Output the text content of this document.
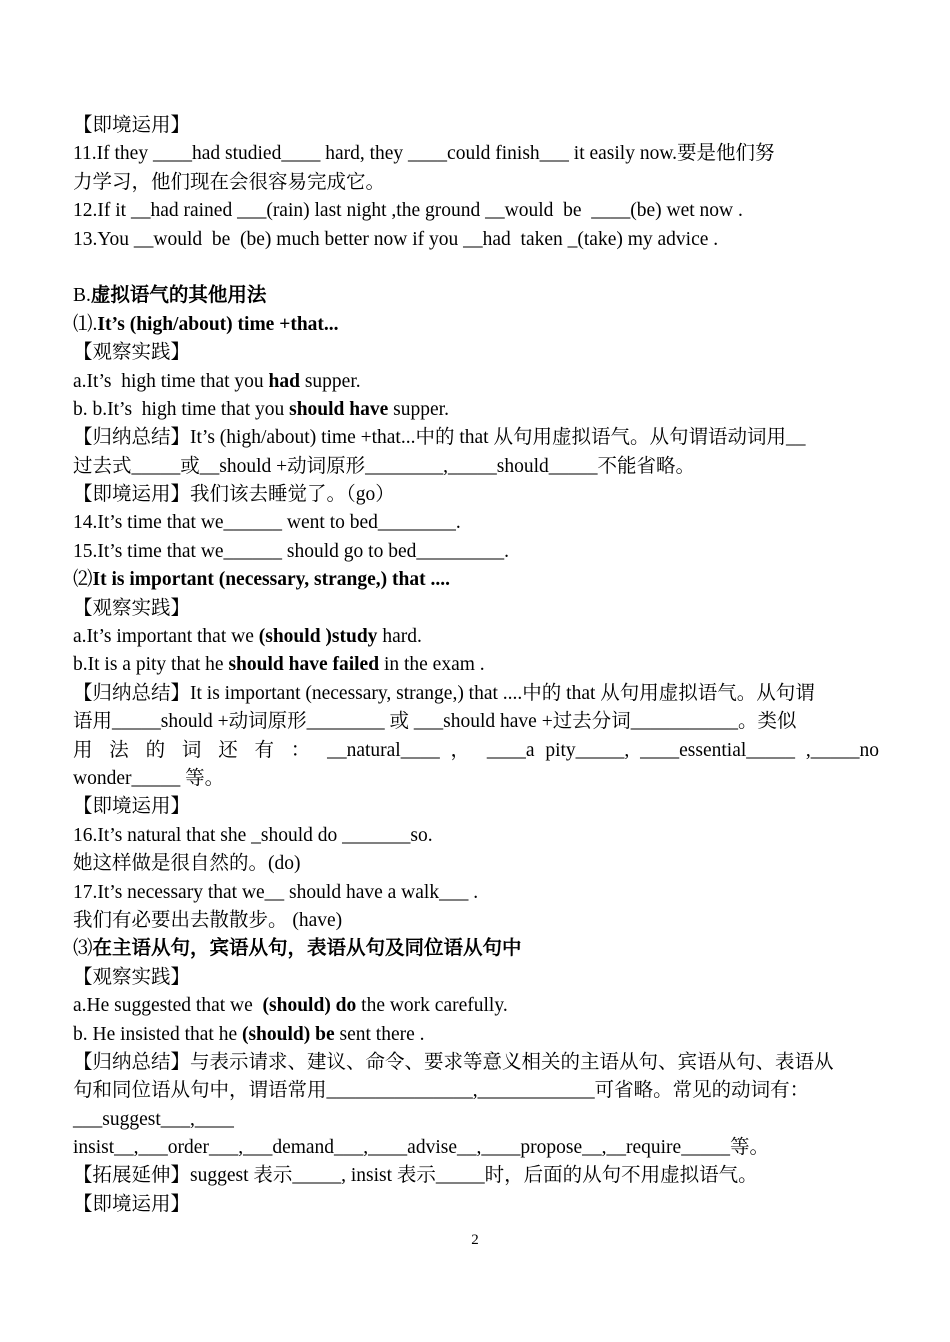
【即境运用】
11.If they ____had studied____ hard, they ____could finish___ it easily now.要是他们努
力学习，他们现在会很容易完成它。
12.If it __had rained ___(rain) last night ,the ground __would  be  ____(be) wet now .
13.You __would  be  (be) much better now if you __had  taken _(take) my advice .
B.虚拟语气的其他用法
⑴.It’s (high/about) time +that...
【观察实践】
a.It’s  high time that you had supper.
b. b.It’s  high time that you should have supper.
【归纳总结】It’s (high/about) time +that...中的 that 从句用虚拟语气。从句谓语动词用__
过去式_____或__should +动词原形________,_____should_____不能省略。
【即境运用】我们该去睡觉了。（go）
14.It’s time that we______ went to bed________.
15.It’s time that we______ should go to bed_________.
⑵It is important (necessary, strange,) that ....
【观察实践】
a.It’s important that we (should )study hard.
b.It is a pity that he should have failed in the exam .
【归纳总结】It is important (necessary, strange,) that ....中的 that 从句用虚拟语气。从句谓
语用_____should +动词原形________ 或 ___should have +过去分词___________。类似
用 法 的 词 还 有 ： __natural____ ， ____a pity_____, ____essential_____ ,_____no
wonder_____ 等。
【即境运用】
16.It’s natural that she _should do _______so.
她这样做是很自然的。(do)
17.It’s necessary that we__ should have a walk___ .
我们有必要出去散散步。 (have)
⑶在主语从句，宾语从句，表语从句及同位语从句中
【观察实践】
a.He suggested that we  (should) do the work carefully.
b. He insisted that he (should) be sent there .
【归纳总结】与表示请求、建议、命令、要求等意义相关的主语从句、宾语从句、表语从
句和同位语从句中，谓语常用_______________,____________可省略。常见的动词有：
___suggest___,____
insist__,___order___,___demand___,____advise__,____propose__,__require_____等。
【拓展延伸】suggest 表示_____, insist 表示_____时，后面的从句不用虚拟语气。
【即境运用】
2
